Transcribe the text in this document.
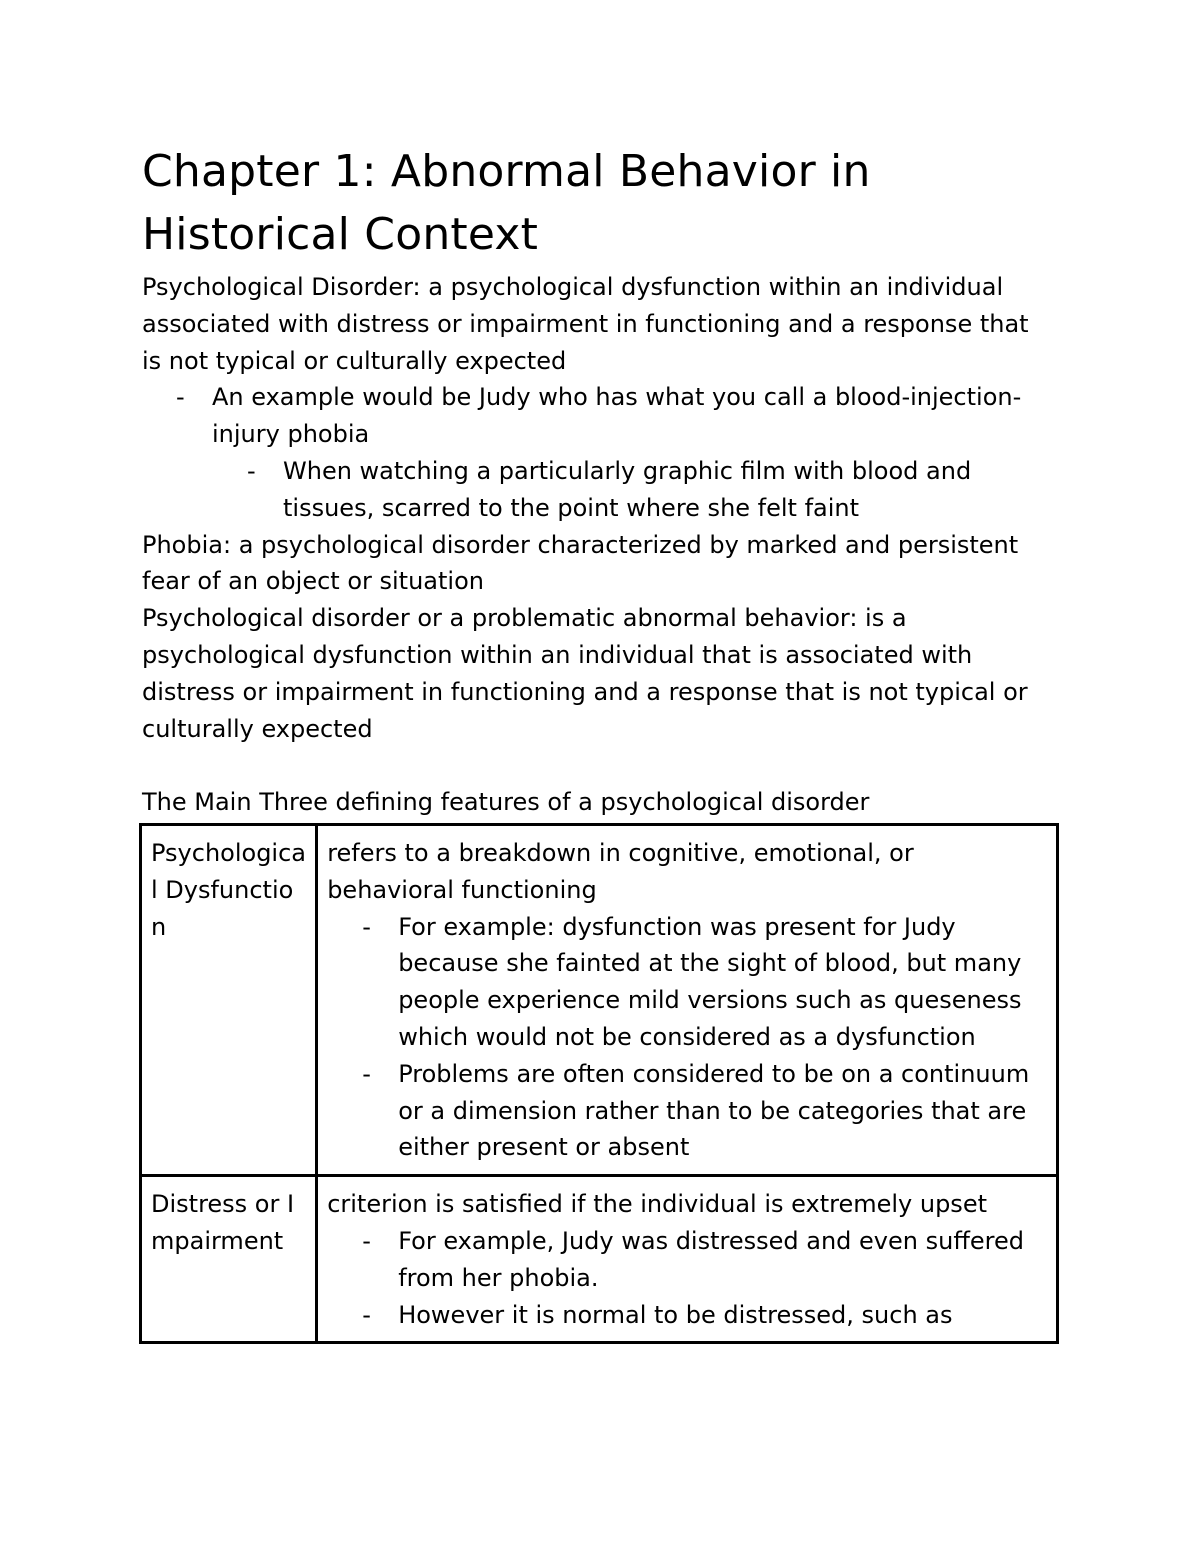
Chapter 1: Abnormal Behavior in Historical Context

Psychological Disorder: a psychological dysfunction within an individual associated with distress or impairment in functioning and a response that is not typical or culturally expected

- An example would be Judy who has what you call a blood-injection-injury phobia

- When watching a particularly graphic film with blood and tissues, scarred to the point where she felt faint

Phobia: a psychological disorder characterized by marked and persistent fear of an object or situation

Psychological disorder or a problematic abnormal behavior: is a psychological dysfunction within an individual that is associated with distress or impairment in functioning and a response that is not typical or culturally expected

The Main Three defining features of a psychological disorder

Psychological Dysfunction	refers to a breakdown in cognitive, emotional, or behavioral functioning
- For example: dysfunction was present for Judy because she fainted at the sight of blood, but many people experience mild versions such as queseness which would not be considered as a dysfunction
- Problems are often considered to be on a continuum or a dimension rather than to be categories that are either present or absent

Distress or Impairment	criterion is satisfied if the individual is extremely upset
- For example, Judy was distressed and even suffered from her phobia.
- However it is normal to be distressed, such as
